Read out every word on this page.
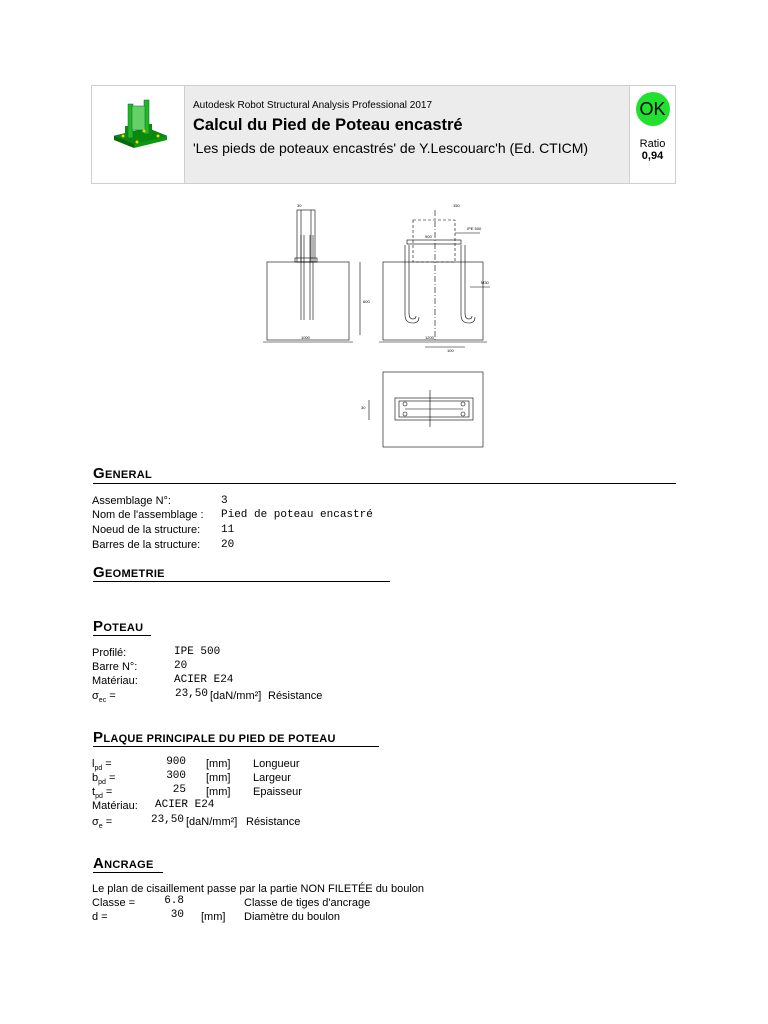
Autodesk Robot Structural Analysis Professional 2017
Calcul du Pied de Poteau encastré
'Les pieds de poteaux encastrés' de Y.Lescouarc'h (Ed. CTICM)
OK
Ratio
0,94
30
1000
600
1200
900
150
IPE 500
M30
100
30
GENERAL
Assemblage N°:	3
Nom de l'assemblage : Pied de poteau encastré
Noeud de la structure: 11
Barres de la structure: 20
GEOMETRIE
POTEAU
Profilé:	IPE 500
Barre N°:	20
Matériau:	ACIER E24
$\sigma_{ec}$ =	23,50 [daN/mm²] Résistance
PLAQUE PRINCIPALE DU PIED DE POTEAU
$l_{pd}$ =	900 [mm] Longueur
$b_{pd}$ =	300 [mm] Largeur
$t_{pd}$ =	25 [mm] Epaisseur
Matériau: ACIER E24
$\sigma_e$ =	23,50 [daN/mm²] Résistance
ANCRAGE
Le plan de cisaillement passe par la partie NON FILETÉE du boulon
Classe =	6.8	Classe de tiges d'ancrage
d =	30 [mm] Diamètre du boulon
